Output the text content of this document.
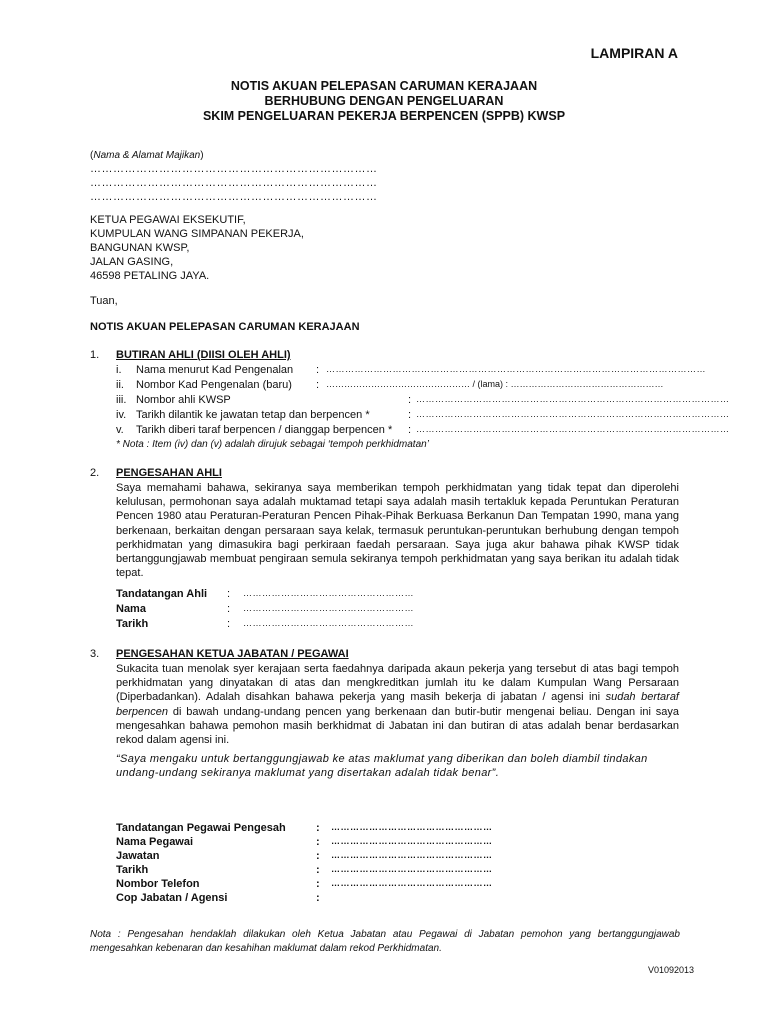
LAMPIRAN A
NOTIS AKUAN PELEPASAN CARUMAN KERAJAAN
BERHUBUNG DENGAN PENGELUARAN
SKIM PENGELUARAN PEKERJA BERPENCEN (SPPB) KWSP
(Nama & Alamat Majikan)
…………………………………………………………………
…………………………………………………………………
…………………………………………………………………
KETUA PEGAWAI EKSEKUTIF,
KUMPULAN WANG SIMPANAN PEKERJA,
BANGUNAN KWSP,
JALAN GASING,
46598 PETALING JAYA.
Tuan,
NOTIS AKUAN PELEPASAN CARUMAN KERAJAAN
1. BUTIRAN AHLI (DIISI OLEH AHLI)
i. Nama menurut Kad Pengenalan : …………………………………………………………………………………………………………
ii. Nombor Kad Pengenalan (baru) : ………………………………………… / (lama) : ……………………………………………
iii. Nombor ahli KWSP	: ………………………………………………………………………………………
iv. Tarikh dilantik ke jawatan tetap dan berpencen *	: ………………………………………………………………………………………
v. Tarikh diberi taraf berpencen / dianggap berpencen * : ………………………………………………………………………………………
* Nota : Item (iv) dan (v) adalah dirujuk sebagai ‘tempoh perkhidmatan’
2. PENGESAHAN AHLI
Saya memahami bahawa, sekiranya saya memberikan tempoh perkhidmatan yang tidak tepat dan diperolehi kelulusan, permohonan saya adalah muktamad tetapi saya adalah masih tertakluk kepada Peruntukan Peraturan Pencen 1980 atau Peraturan-Peraturan Pencen Pihak-Pihak Berkuasa Berkanun Dan Tempatan 1990, mana yang berkenaan, berkaitan dengan persaraan saya kelak, termasuk peruntukan-peruntukan berhubung dengan tempoh perkhidmatan yang dimasukira bagi perkiraan faedah persaraan. Saya juga akur bahawa pihak KWSP tidak bertanggungjawab membuat pengiraan semula sekiranya tempoh perkhidmatan yang saya berikan itu adalah tidak tepat.
Tandatangan Ahli : ………………………………………………
Nama	: ………………………………………………
Tarikh	: ………………………………………………
3. PENGESAHAN KETUA JABATAN / PEGAWAI
Sukacita tuan menolak syer kerajaan serta faedahnya daripada akaun pekerja yang tersebut di atas bagi tempoh perkhidmatan yang dinyatakan di atas dan mengkreditkan jumlah itu ke dalam Kumpulan Wang Persaraan (Diperbadankan). Adalah disahkan bahawa pekerja yang masih bekerja di jabatan / agensi ini sudah bertaraf berpencen di bawah undang-undang pencen yang berkenaan dan butir-butir mengenai beliau. Dengan ini saya mengesahkan bahawa pemohon masih berkhidmat di Jabatan ini dan butiran di atas adalah benar berdasarkan rekod dalam agensi ini.
“Saya mengaku untuk bertanggungjawab ke atas maklumat yang diberikan dan boleh diambil tindakan undang-undang sekiranya maklumat yang disertakan adalah tidak benar”.
Tandatangan Pegawai Pengesah	: ……………………………………………
Nama Pegawai	: ……………………………………………
Jawatan	: ……………………………………………
Tarikh	: ……………………………………………
Nombor Telefon	: ……………………………………………
Cop Jabatan / Agensi	:
Nota : Pengesahan hendaklah dilakukan oleh Ketua Jabatan atau Pegawai di Jabatan pemohon yang bertanggungjawab mengesahkan kebenaran dan kesahihan maklumat dalam rekod Perkhidmatan.
V01092013
